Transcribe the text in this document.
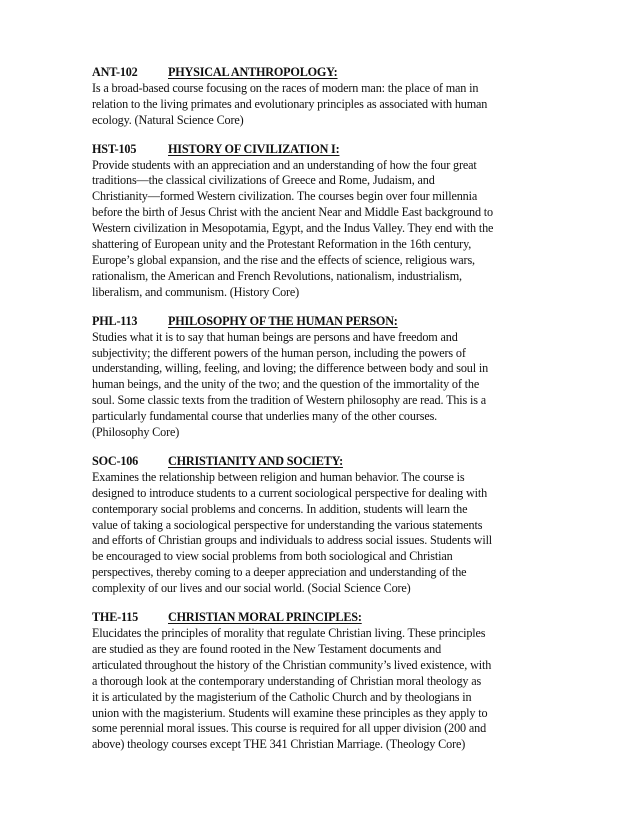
ANT-102 PHYSICAL ANTHROPOLOGY:
Is a broad-based course focusing on the races of modern man: the place of man in
relation to the living primates and evolutionary principles as associated with human
ecology. (Natural Science Core)
HST-105	HISTORY OF CIVILIZATION I:
Provide students with an appreciation and an understanding of how the four great
traditions—the classical civilizations of Greece and Rome, Judaism, and
Christianity—formed Western civilization. The courses begin over four millennia
before the birth of Jesus Christ with the ancient Near and Middle East background to
Western civilization in Mesopotamia, Egypt, and the Indus Valley. They end with the
shattering of European unity and the Protestant Reformation in the 16th century,
Europe’s global expansion, and the rise and the effects of science, religious wars,
rationalism, the American and French Revolutions, nationalism, industrialism,
liberalism, and communism. (History Core)
PHL-113	PHILOSOPHY OF THE HUMAN PERSON:
Studies what it is to say that human beings are persons and have freedom and
subjectivity; the different powers of the human person, including the powers of
understanding, willing, feeling, and loving; the difference between body and soul in
human beings, and the unity of the two; and the question of the immortality of the
soul. Some classic texts from the tradition of Western philosophy are read. This is a
particularly fundamental course that underlies many of the other courses.
(Philosophy Core)
SOC-106 CHRISTIANITY AND SOCIETY:
Examines the relationship between religion and human behavior. The course is
designed to introduce students to a current sociological perspective for dealing with
contemporary social problems and concerns. In addition, students will learn the
value of taking a sociological perspective for understanding the various statements
and efforts of Christian groups and individuals to address social issues. Students will
be encouraged to view social problems from both sociological and Christian
perspectives, thereby coming to a deeper appreciation and understanding of the
complexity of our lives and our social world. (Social Science Core)
THE-115 CHRISTIAN MORAL PRINCIPLES:
Elucidates the principles of morality that regulate Christian living. These principles
are studied as they are found rooted in the New Testament documents and
articulated throughout the history of the Christian community’s lived existence, with
a thorough look at the contemporary understanding of Christian moral theology as
it is articulated by the magisterium of the Catholic Church and by theologians in
union with the magisterium. Students will examine these principles as they apply to
some perennial moral issues. This course is required for all upper division (200 and
above) theology courses except THE 341 Christian Marriage. (Theology Core)
